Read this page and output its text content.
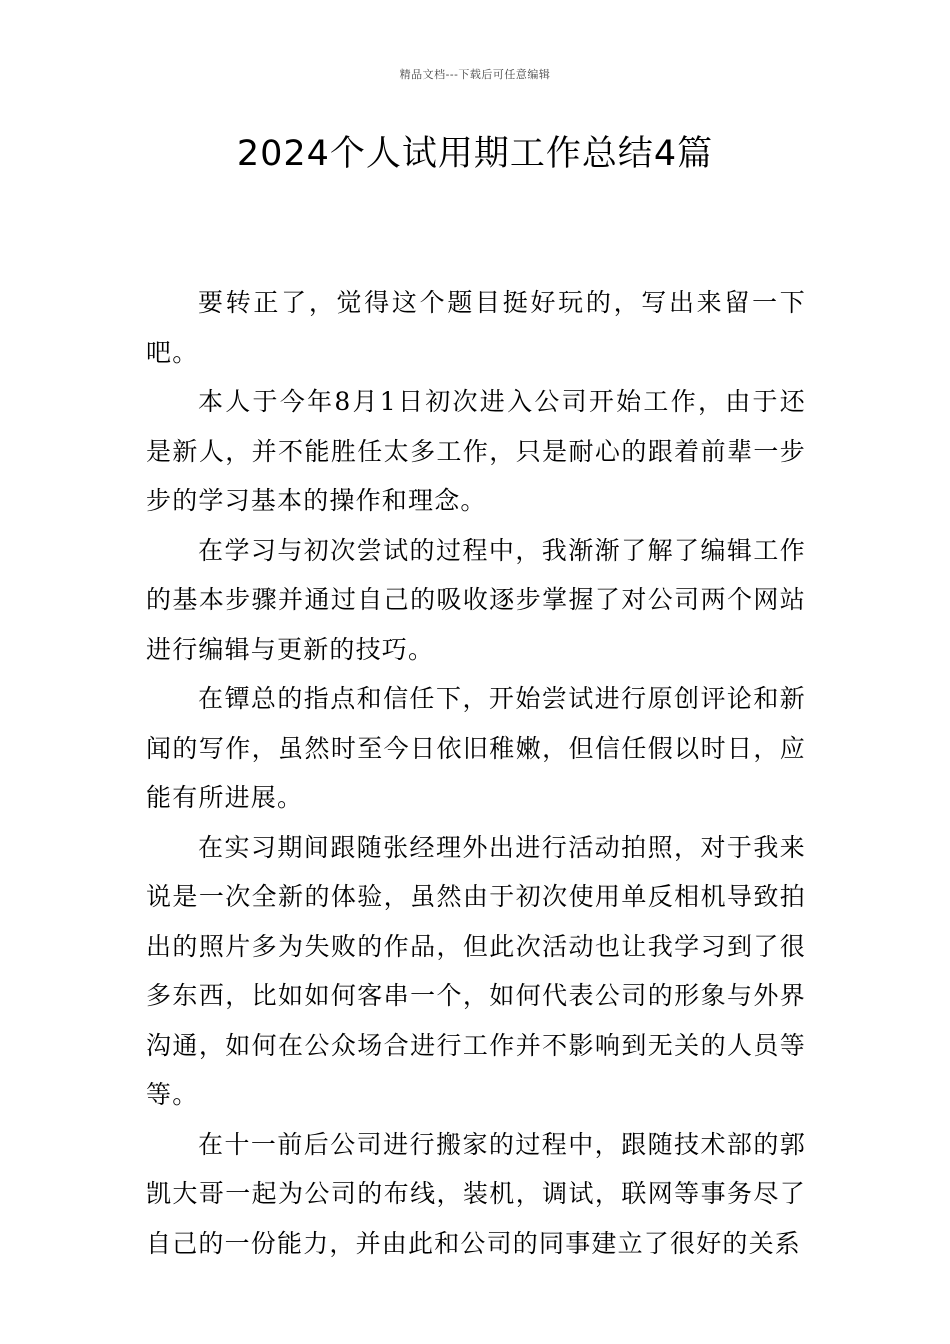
精品文档---下载后可任意编辑
2024个人试用期工作总结4篇

要转正了，觉得这个题目挺好玩的，写出来留一下吧。

本人于今年8月1日初次进入公司开始工作，由于还是新人，并不能胜任太多工作，只是耐心的跟着前辈一步步的学习基本的操作和理念。

在学习与初次尝试的过程中，我渐渐了解了编辑工作的基本步骤并通过自己的吸收逐步掌握了对公司两个网站进行编辑与更新的技巧。

在镡总的指点和信任下，开始尝试进行原创评论和新闻的写作，虽然时至今日依旧稚嫩，但信任假以时日，应能有所进展。

在实习期间跟随张经理外出进行活动拍照，对于我来说是一次全新的体验，虽然由于初次使用单反相机导致拍出的照片多为失败的作品，但此次活动也让我学习到了很多东西，比如如何客串一个，如何代表公司的形象与外界沟通，如何在公众场合进行工作并不影响到无关的人员等等。

在十一前后公司进行搬家的过程中，跟随技术部的郭凯大哥一起为公司的布线，装机，调试，联网等事务尽了自己的一份能力，并由此和公司的同事建立了很好的关系
